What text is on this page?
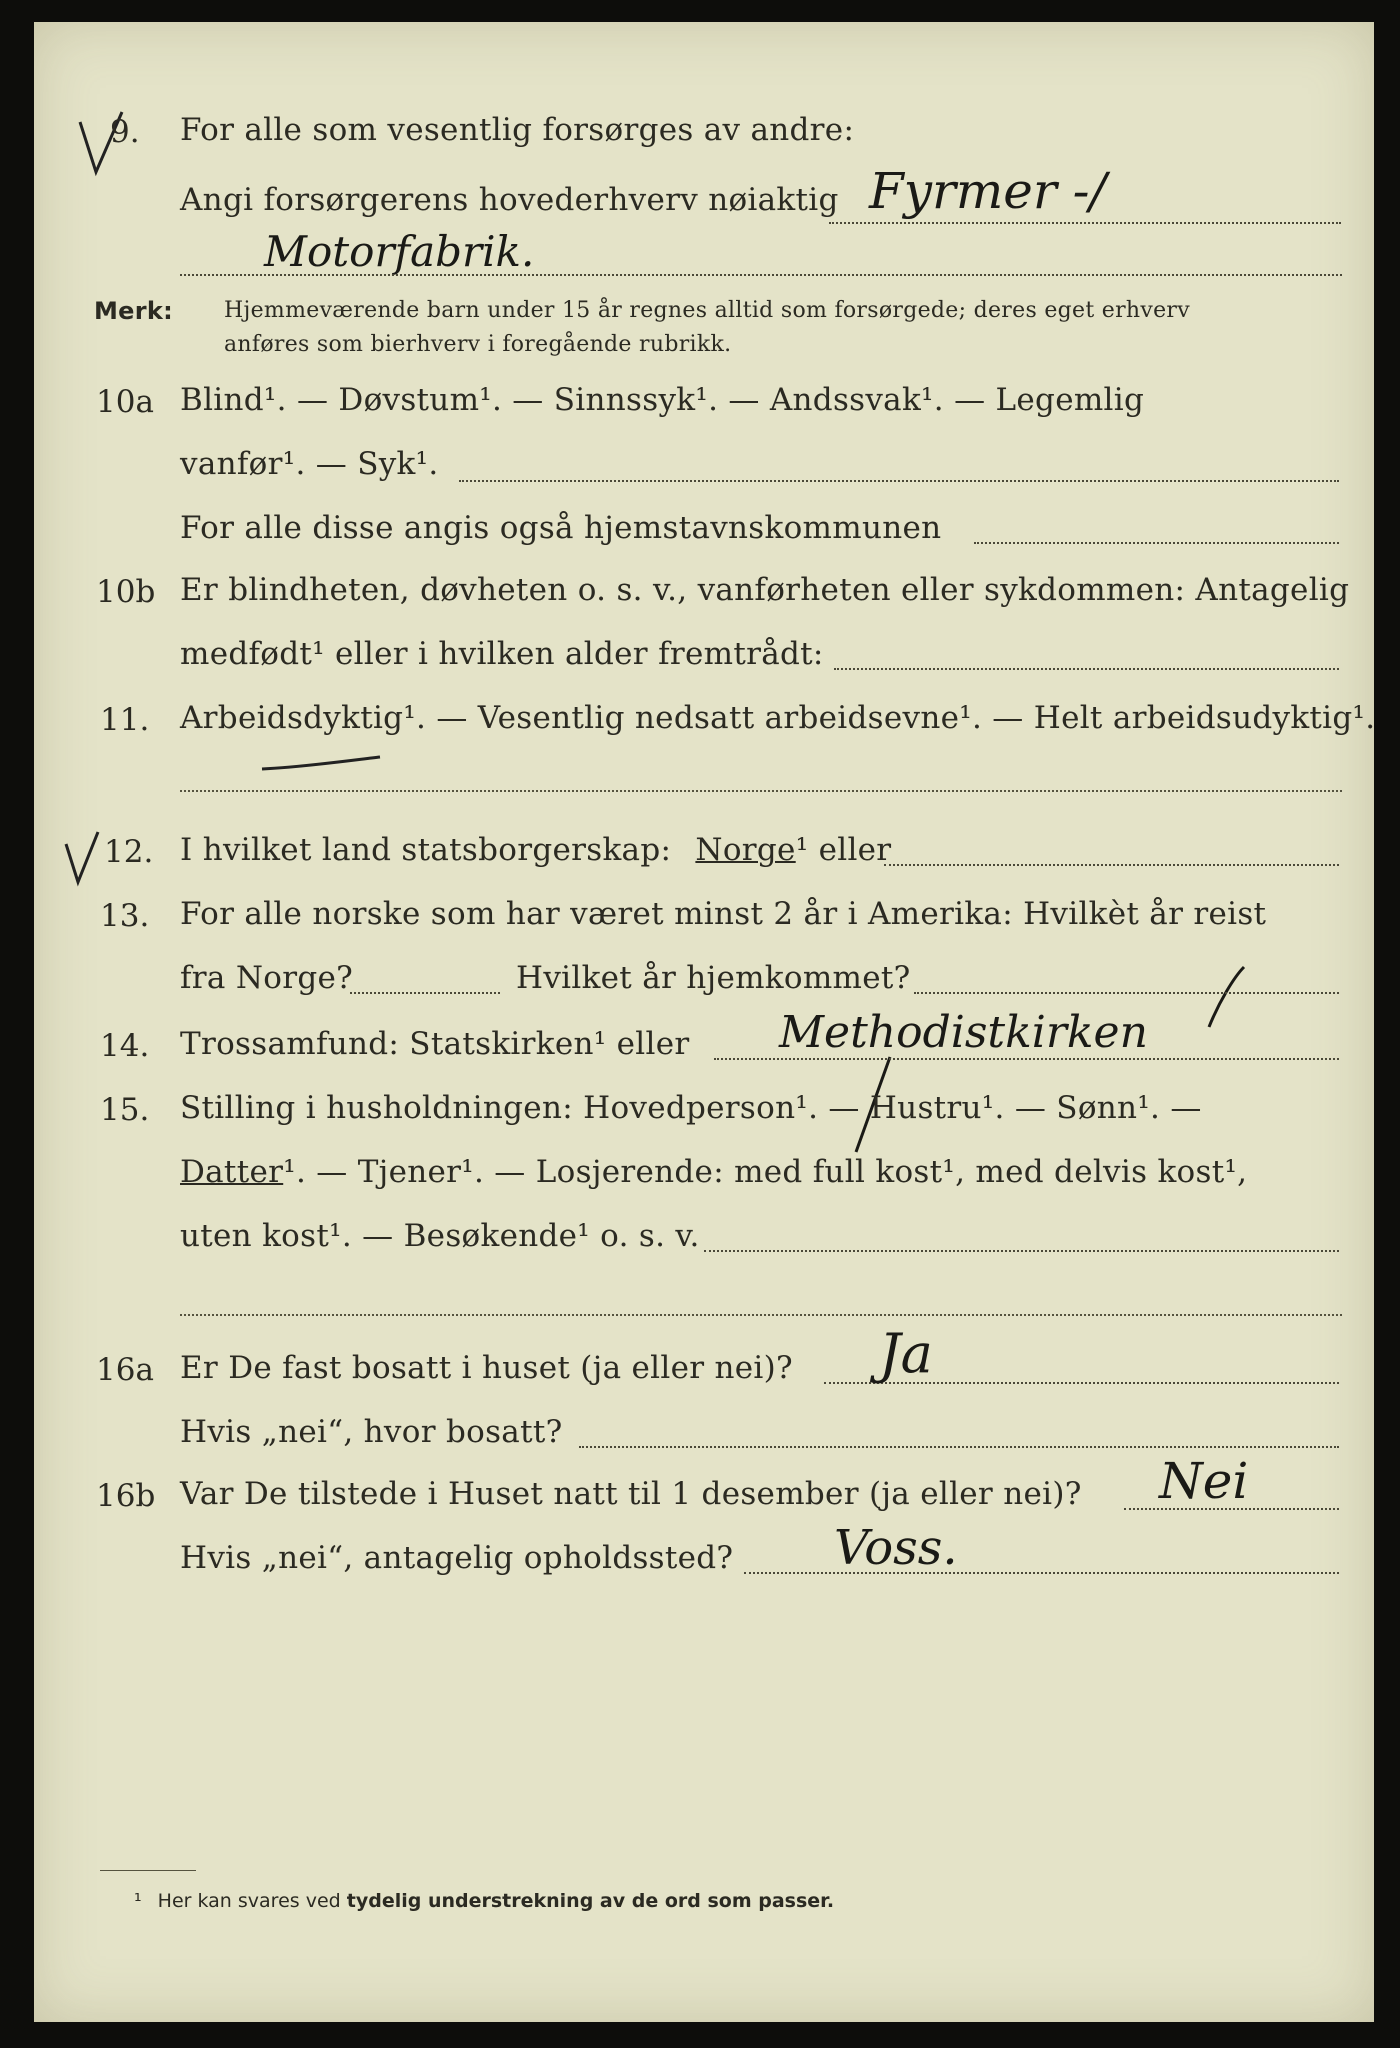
9. For alle som vesentlig forsørges av andre:
Angi forsørgerens hovederhverv nøiaktig Fyrmer -/
Motorfabrik.
Merk: Hjemmeværende barn under 15 år regnes alltid som forsørgede; deres eget erhverv
anføres som bierhverv i foregående rubrikk.
10a Blind¹. — Døvstum¹. — Sinnssyk¹. — Andssvak¹. — Legemlig
vanfør¹. — Syk¹.
For alle disse angis også hjemstavnskommunen
10b Er blindheten, døvheten o. s. v., vanførheten eller sykdommen: Antagelig
medfødt¹ eller i hvilken alder fremtrådt:
11. Arbeidsdyktig¹. — Vesentlig nedsatt arbeidsevne¹. — Helt arbeidsudyktig¹.
12. I hvilket land statsborgerskap: Norge¹ eller
13. For alle norske som har været minst 2 år i Amerika: Hvilkèt år reist
fra Norge?	Hvilket år hjemkommet?
14. Trossamfund: Statskirken¹ eller Methodistkirken
15. Stilling i husholdningen: Hovedperson¹. — Hustru¹. — Sønn¹. —
Datter¹. — Tjener¹. — Losjerende: med full kost¹, med delvis kost¹,
uten kost¹. — Besøkende¹ o. s. v.
16a Er De fast bosatt i huset (ja eller nei)? Ja
Hvis „nei“, hvor bosatt?
16b Var De tilstede i Huset natt til 1 desember (ja eller nei)? Nei
Hvis „nei“, antagelig opholdssted? Voss.
¹ Her kan svares ved tydelig understrekning av de ord som passer.
